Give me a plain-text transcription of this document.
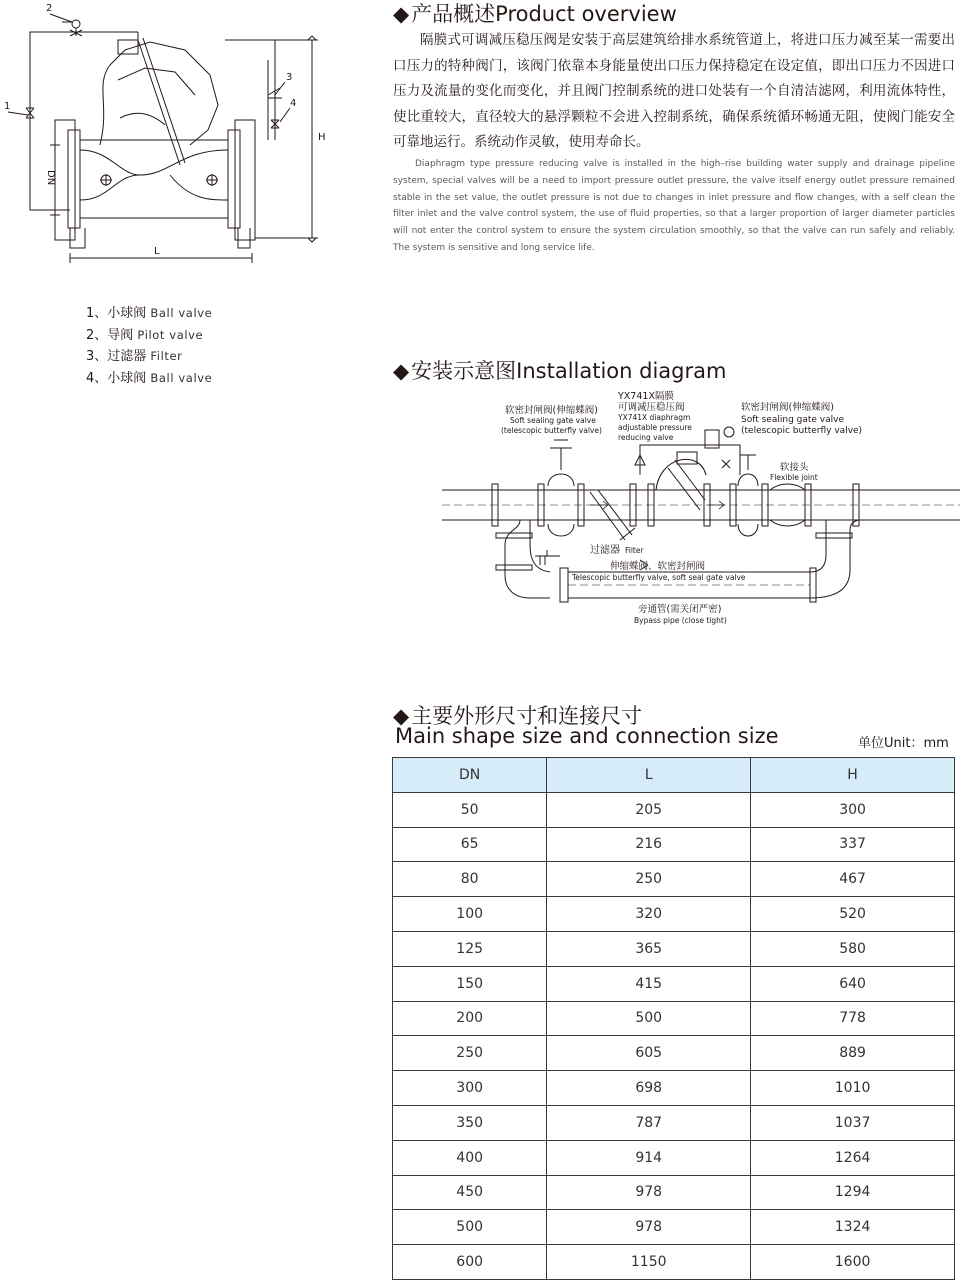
1
2
3
4
DN
L
H
1、小球阀 Ball valve
2、导阀 Pilot valve
3、过滤器 Filter
4、小球阀 Ball valve
◆产品概述Product overview
隔膜式可调减压稳压阀是安装于高层建筑给排水系统管道上，将进口压力减至某一需要出口压力的特种阀门，该阀门依靠本身能量使出口压力保持稳定在设定值，即出口压力不因进口压力及流量的变化而变化，并且阀门控制系统的进口处装有一个自清洁滤网，利用流体特性，使比重较大，直径较大的悬浮颗粒不会进入控制系统，确保系统循环畅通无阻，使阀门能安全可靠地运行。系统动作灵敏，使用寿命长。
Diaphragm type pressure reducing valve is installed in the high–rise building water supply and drainage pipeline system, special valves will be a need to import pressure outlet pressure, the valve itself energy outlet pressure remained stable in the set value, the outlet pressure is not due to changes in inlet pressure and flow changes, with a self clean the filter inlet and the valve control system, the use of fluid properties, so that a larger proportion of larger diameter particles will not enter the control system to ensure the system circulation smoothly, so that the valve can run safely and reliably. The system is sensitive and long service life.
◆安装示意图Installation diagram
软密封闸阀(伸缩蝶阀)
Soft sealing gate valve
(telescopic butterfly valve)
YX741X隔膜
可调减压稳压阀
YX741X diaphragm
adjustable pressure
reducing valve
软密封闸阀(伸缩蝶阀)
Soft sealing gate valve
(telescopic butterfly valve)
软接头
Flexible joint
过滤器 Filter
伸缩蝶阀、软密封闸阀
Telescopic butterfly valve, soft seal gate valve
旁通管(需关闭严密)
Bypass pipe (close tight)
◆主要外形尺寸和连接尺寸
Main shape size and connection size	单位Unit：mm
DN	L	H
50	205	300
65	216	337
80	250	467
100	320	520
125	365	580
150	415	640
200	500	778
250	605	889
300	698	1010
350	787	1037
400	914	1264
450	978	1294
500	978	1324
600	1150	1600
